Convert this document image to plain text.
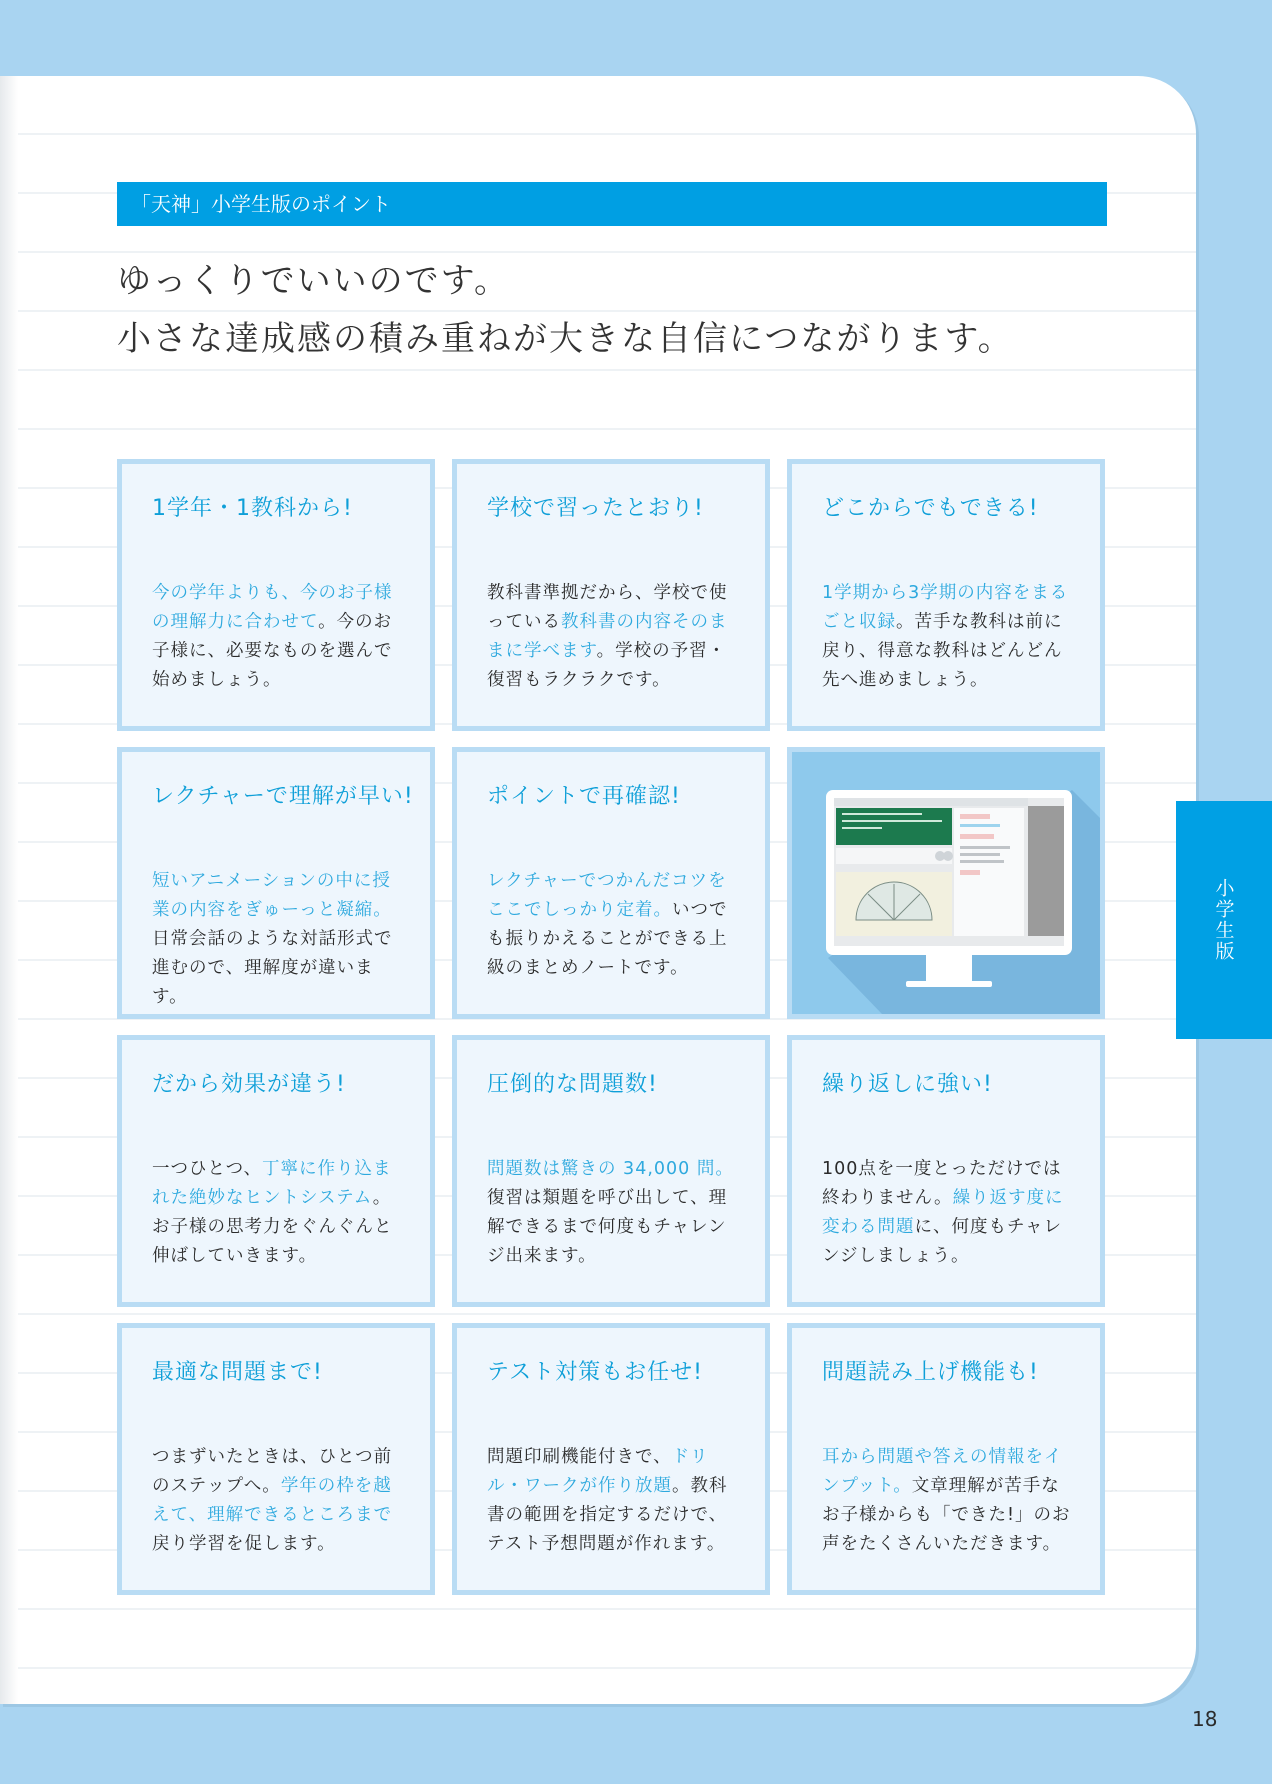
「天神」小学生版のポイント
ゆっくりでいいのです。
小さな達成感の積み重ねが大きな自信につながります。
1学年・1教科から!
今の学年よりも、今のお子様の理解力に合わせて。今のお子様に、必要なものを選んで始めましょう。
学校で習ったとおり!
教科書準拠だから、学校で使っている教科書の内容そのままに学べます。学校の予習・復習もラクラクです。
どこからでもできる!
1学期から3学期の内容をまるごと収録。苦手な教科は前に戻り、得意な教科はどんどん先へ進めましょう。
レクチャーで理解が早い!
短いアニメーションの中に授業の内容をぎゅーっと凝縮。日常会話のような対話形式で進むので、理解度が違います。
ポイントで再確認!
レクチャーでつかんだコツをここでしっかり定着。いつでも振りかえることができる上級のまとめノートです。
だから効果が違う!
一つひとつ、丁寧に作り込まれた絶妙なヒントシステム。お子様の思考力をぐんぐんと伸ばしていきます。
圧倒的な問題数!
問題数は驚きの 34,000 問。復習は類題を呼び出して、理解できるまで何度もチャレンジ出来ます。
繰り返しに強い!
100点を一度とっただけでは終わりません。繰り返す度に変わる問題に、何度もチャレンジしましょう。
最適な問題まで!
つまずいたときは、ひとつ前のステップへ。学年の枠を越えて、理解できるところまで戻り学習を促します。
テスト対策もお任せ!
問題印刷機能付きで、ドリル・ワークが作り放題。教科書の範囲を指定するだけで、テスト予想問題が作れます。
問題読み上げ機能も!
耳から問題や答えの情報をインプット。文章理解が苦手なお子様からも「できた!」のお声をたくさんいただきます。
小学生版
18
